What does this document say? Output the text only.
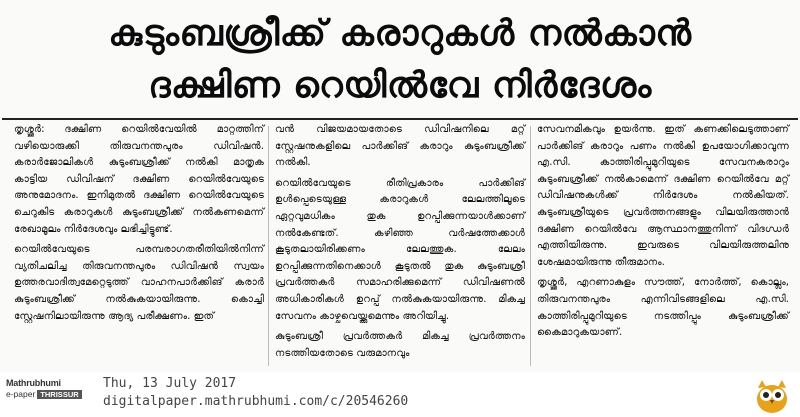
കുടുംബശ്രീക്ക് കരാറുകൾ നൽകാൻ
ദക്ഷിണ റെയിൽവേ നിർദേശം

തൃശ്ശൂർ: ദക്ഷിണ റെയിൽവേയിൽ മാറ്റത്തിന് വഴിയൊരുക്കി തിരുവനന്തപുരം ഡിവിഷൻ. കരാർജോലികൾ കുടുംബശ്രീക്ക് നൽകി മാതൃക കാട്ടിയ ഡിവിഷന് ദക്ഷിണ റെയിൽവേയുടെ അനുമോദനം. ഇനിമുതൽ ദക്ഷിണ റെയിൽവേയുടെ ചെറുകിട കരാറുകൾ കുടുംബശ്രീക്ക് നൽകണമെന്ന് രേഖാമൂലം നിർദേശവും ലഭിച്ചിട്ടുണ്ട്.

റെയിൽവേയുടെ പരമ്പരാഗതരീതിയിൽനിന്ന് വ്യതിചലിച്ച തിരുവനന്തപുരം ഡിവിഷൻ സ്വയം ഉത്തരവാദിത്വമേറ്റെടുത്ത് വാഹനപാർക്കിങ് കരാർ കുടുംബശ്രീക്ക് നൽകുകയായിരുന്നു. കൊച്ചി സ്റ്റേഷനിലായിരുന്നു ആദ്യ പരീക്ഷണം. ഇത്

വൻ വിജയമായതോടെ ഡിവിഷനിലെ മറ്റ് സ്റ്റേഷനുകളിലെ പാർക്കിങ് കരാറും കുടുംബശ്രീക്ക് നൽകി.

റെയിൽവേയുടെ രീതിപ്രകാരം പാർക്കിങ് ഉൾപ്പെടെയുള്ള കരാറുകൾ ലേലത്തിലൂടെ ഏറ്റവുമധികം തുക ഉറപ്പിക്കുന്നയാൾക്കാണ് നൽകേണ്ടത്. കഴിഞ്ഞ വർഷത്തേക്കാൾ കൂടുതലായിരിക്കണം ലേലത്തുക. ലേലം ഉറപ്പിക്കുന്നതിനെക്കാൾ കൂടുതൽ തുക കുടുംബശ്രീ പ്രവർത്തകർ സമാഹരിക്കുമെന്ന് ഡിവിഷണൽ അധികാരികൾ ഉറപ്പ് നൽകുകയായിരുന്നു. മികച്ച സേവനം കാഴ്ചവെയ്ക്കുമെന്നും അറിയിച്ചു.

കുടുംബശ്രീ പ്രവർത്തകർ മികച്ച പ്രവർത്തനം നടത്തിയതോടെ വരുമാനവും

സേവനമികവും ഉയർന്നു. ഇത് കണക്കിലെടുത്താണ് പാർക്കിങ് കരാറും പണം നൽകി ഉപയോഗിക്കാവുന്ന എ.സി. കാത്തിരിപ്പുമുറിയുടെ സേവനകരാറും കുടുംബശ്രീക്ക് നൽകാമെന്ന് ദക്ഷിണ റെയിൽവേ മറ്റ് ഡിവിഷനുകൾക്ക് നിർദേശം നൽകിയത്. കുടുംബശ്രീയുടെ പ്രവർത്തനങ്ങളും വിലയിരുത്താൻ ദക്ഷിണ റെയിൽവേ ആസ്ഥാനത്തുനിന്ന് വിദഗ്ധർ എത്തിയിരുന്നു. ഇവരുടെ വിലയിരുത്തലിനു ശേഷമായിരുന്നു തീരുമാനം.

തൃശ്ശൂർ, എറണാകുളം സൗത്ത്, നോർത്ത്, കൊല്ലം, തിരുവനന്തപുരം എന്നിവിടങ്ങളിലെ എ.സി. കാത്തിരിപ്പുമുറിയുടെ നടത്തിപ്പും കുടുംബശ്രീക്ക് കൈമാറുകയാണ്.

Mathrubhumi
e-paper THRISSUR
Thu, 13 July 2017
digitalpaper.mathrubhumi.com/c/20546260
